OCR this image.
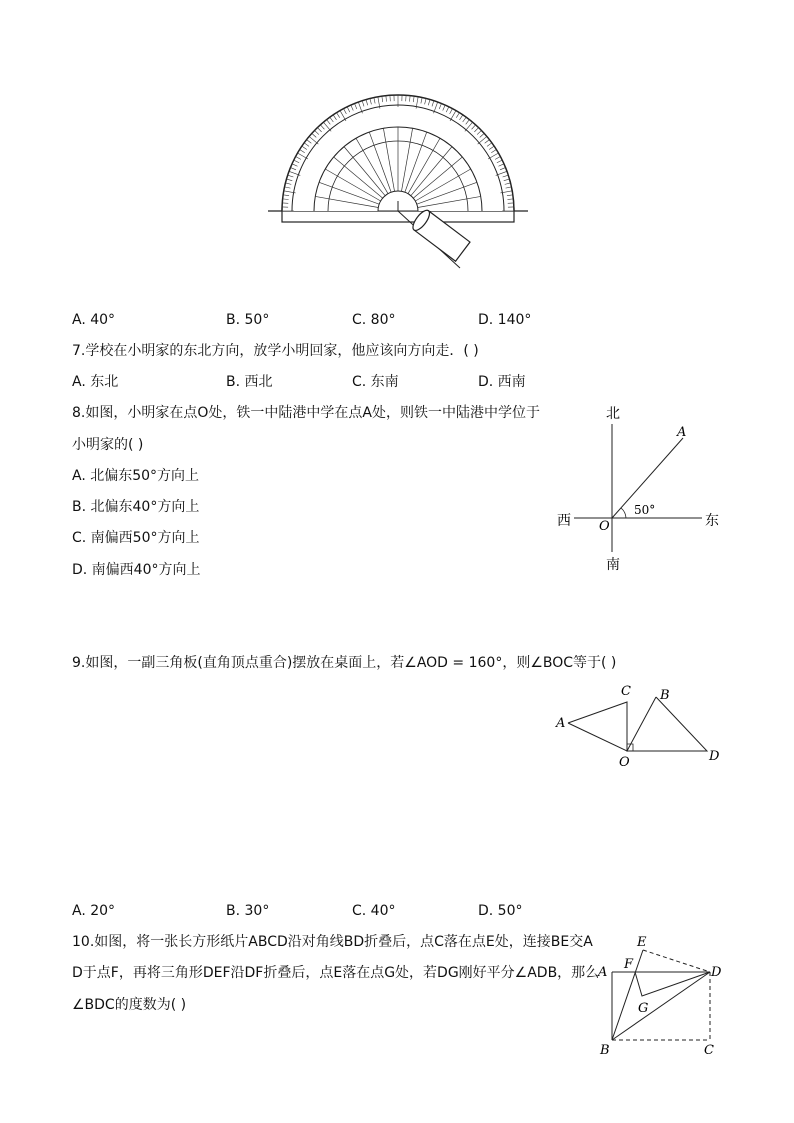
A. 40°	B. 50°	C. 80°	D. 140°
7.学校在小明家的东北方向，放学小明回家，他应该向方向走．( )
A. 东北	B. 西北	C. 东南	D. 西南
8.如图，小明家在点O处，铁一中陆港中学在点A处，则铁一中陆港中学位于
小明家的( )
A. 北偏东50°方向上
B. 北偏东40°方向上
C. 南偏西50°方向上
D. 南偏西40°方向上
北
南
东
西
A
O
50°
9.如图，一副三角板(直角顶点重合)摆放在桌面上，若∠AOD = 160°，则∠BOC等于( )
A
C B
D
O
A. 20°	B. 30°	C. 40°	D. 50°
10.如图，将一张长方形纸片ABCD沿对角线BD折叠后，点C落在点E处，连接BE交A
D于点F，再将三角形DEF沿DF折叠后，点E落在点G处，若DG刚好平分∠ADB，那么
∠BDC的度数为( )
E
F
A	D
G
B	C
